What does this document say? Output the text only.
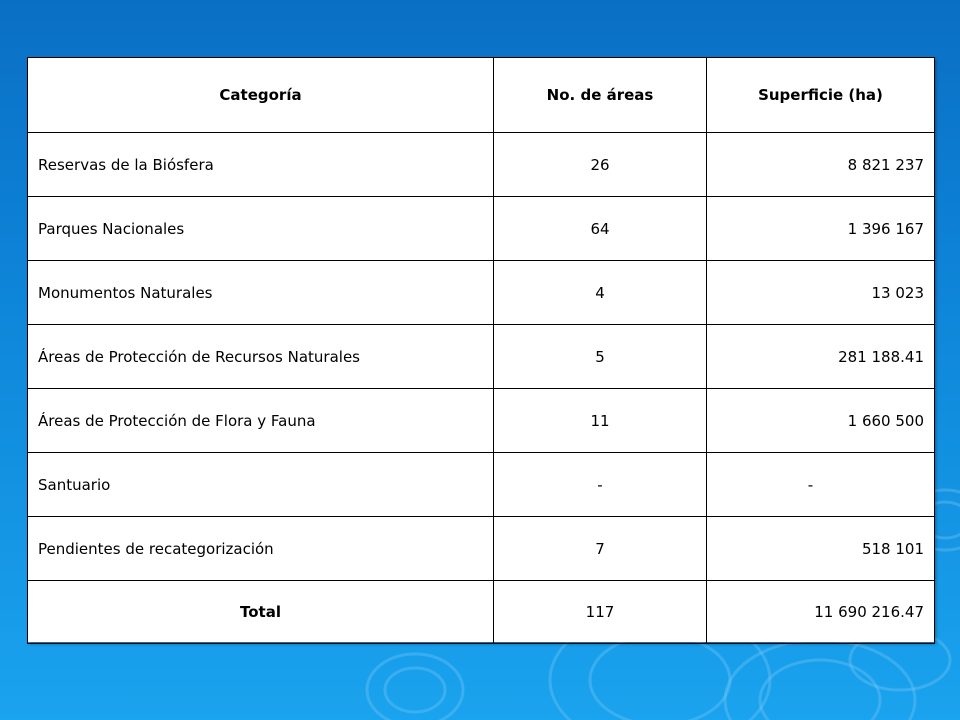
Categoría	No. de áreas	Superficie (ha)
Reservas de la Biósfera	26	8 821 237
Parques Nacionales	64	1 396 167
Monumentos Naturales	4	13 023
Áreas de Protección de Recursos Naturales	5	281 188.41
Áreas de Protección de Flora y Fauna	11	1 660 500
Santuario	-	-
Pendientes de recategorización	7	518 101
Total	117	11 690 216.47
